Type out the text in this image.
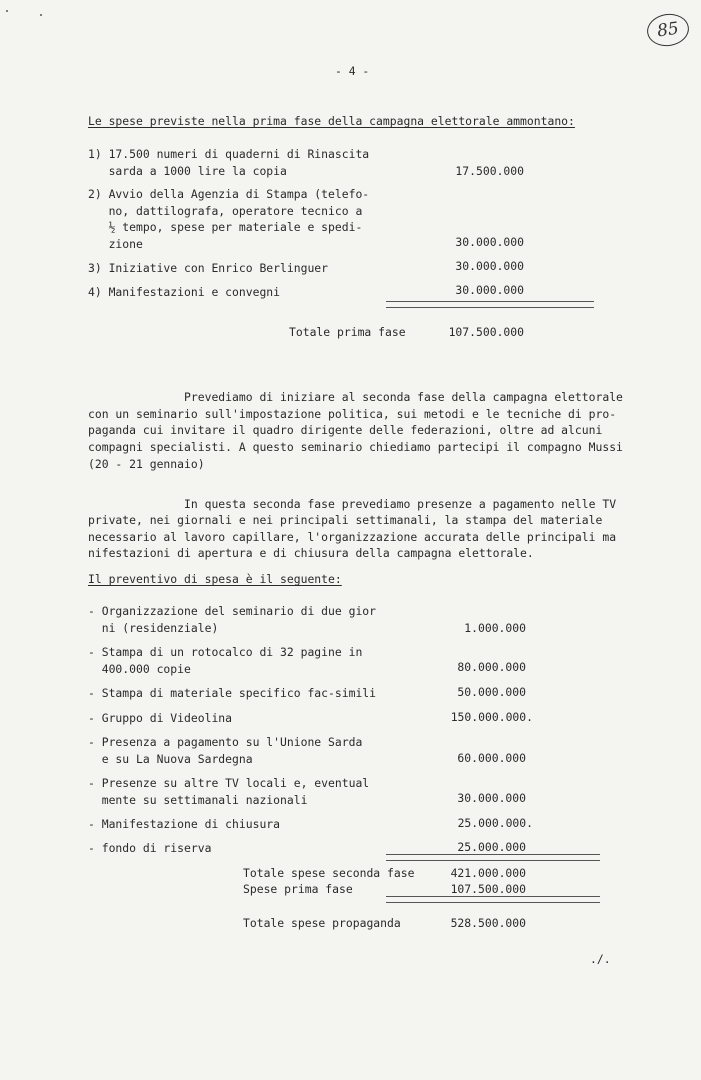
85
- 4 -
Le spese previste nella prima fase della campagna elettorale ammontano:
1) 17.500 numeri di quaderni di Rinascita
sarda a 1000 lire la copia	17.500.000
2) Avvio della Agenzia di Stampa (telefo-
no, dattilografa, operatore tecnico a
½ tempo, spese per materiale e spedi-
zione	30.000.000
3) Iniziative con Enrico Berlinguer	30.000.000
4) Manifestazioni e convegni	30.000.000
Totale prima fase	107.500.000
Prevediamo di iniziare al seconda fase della campagna elettorale
con un seminario sull'impostazione politica, sui metodi e le tecniche di pro-
paganda cui invitare il quadro dirigente delle federazioni, oltre ad alcuni
compagni specialisti. A questo seminario chiediamo partecipi il compagno Mussi
(20 - 21 gennaio)
In questa seconda fase prevediamo presenze a pagamento nelle TV
private, nei giornali e nei principali settimanali, la stampa del materiale
necessario al lavoro capillare, l'organizzazione accurata delle principali ma
nifestazioni di apertura e di chiusura della campagna elettorale.
Il preventivo di spesa è il seguente:
- Organizzazione del seminario di due gior
ni (residenziale)	1.000.000
- Stampa di un rotocalco di 32 pagine in
400.000 copie	80.000.000
- Stampa di materiale specifico fac-simili	50.000.000
- Gruppo di Videolina	150.000.000.
- Presenza a pagamento su l'Unione Sarda
e su La Nuova Sardegna	60.000.000
- Presenze su altre TV locali e, eventual
mente su settimanali nazionali	30.000.000
- Manifestazione di chiusura	25.000.000.
- fondo di riserva	25.000.000
Totale spese seconda fase	421.000.000
Spese prima fase	107.500.000
Totale spese propaganda	528.500.000
./.
